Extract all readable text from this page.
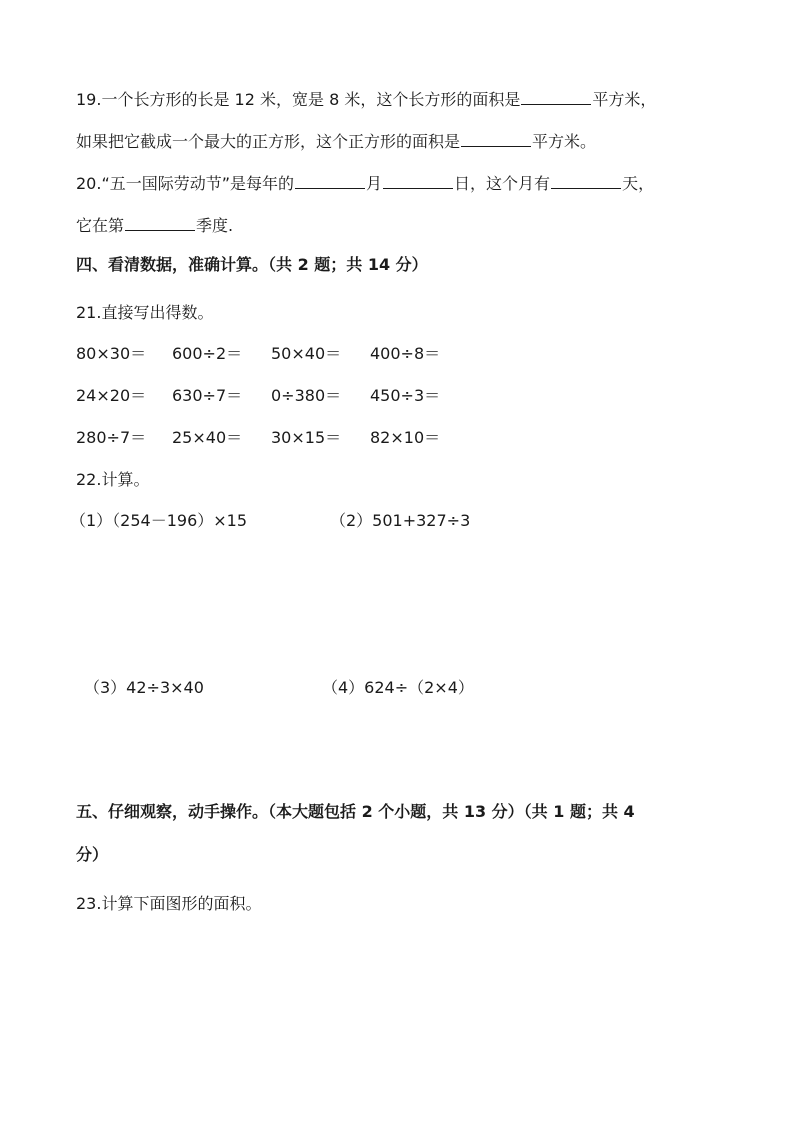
19.一个长方形的长是 12 米，宽是 8 米，这个长方形的面积是	平方米，
如果把它截成一个最大的正方形，这个正方形的面积是	平方米。
20.“五一国际劳动节”是每年的	月	日，这个月有	天，
它在第	季度.
四、看清数据，准确计算。（共 2 题；共 14 分）
21.直接写出得数。
80×30＝ 600÷2＝ 50×40＝ 400÷8＝
24×20＝ 630÷7＝ 0÷380＝ 450÷3＝
280÷7＝ 25×40＝ 30×15＝ 82×10＝
22.计算。
（1）（254－196）×15	（2）501+327÷3
（3）42÷3×40	（4）624÷（2×4）
五、仔细观察，动手操作。（本大题包括 2 个小题，共 13 分）（共 1 题；共 4
分）
23.计算下面图形的面积。
